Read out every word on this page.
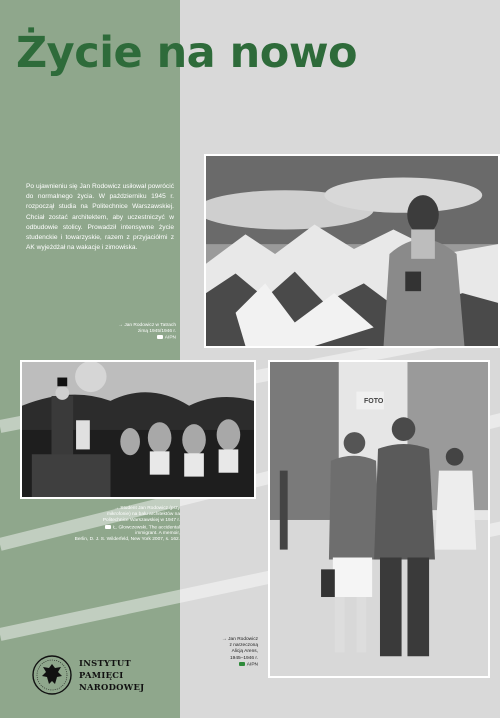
Życie na nowo

Po ujawnieniu się Jan Rodowicz usiłował powrócić do normalnego życia. W październiku 1945 r. rozpoczął studia na Politechnice Warszawskiej. Chciał zostać architektem, aby uczestniczyć w odbudowie stolicy. Prowadził intensywne życie studenckie i towarzyskie, razem z przyjaciółmi z AK wyjeżdżał na wakacje i zimowiska.

→ Jan Rodowicz w Tatrach
zimą 1945/1946 r.
AIPN
→ Student Jan Rodowicz (przy
mikrofonie) na balu architektów na
Politechnice Warszawskiej w 1947 r.
Ł. Głowczewski, The accidental
immigrant. A memoir,
Berlin, D. J. S. Wilderfeld, New York 2007, s. 162.
FOTO
→ Jan Rodowicz
z narzeczoną
Alicją Arens,
1945–1946 r.
AIPN
INSTYTUT
PAMIĘCI
NARODOWEJ
